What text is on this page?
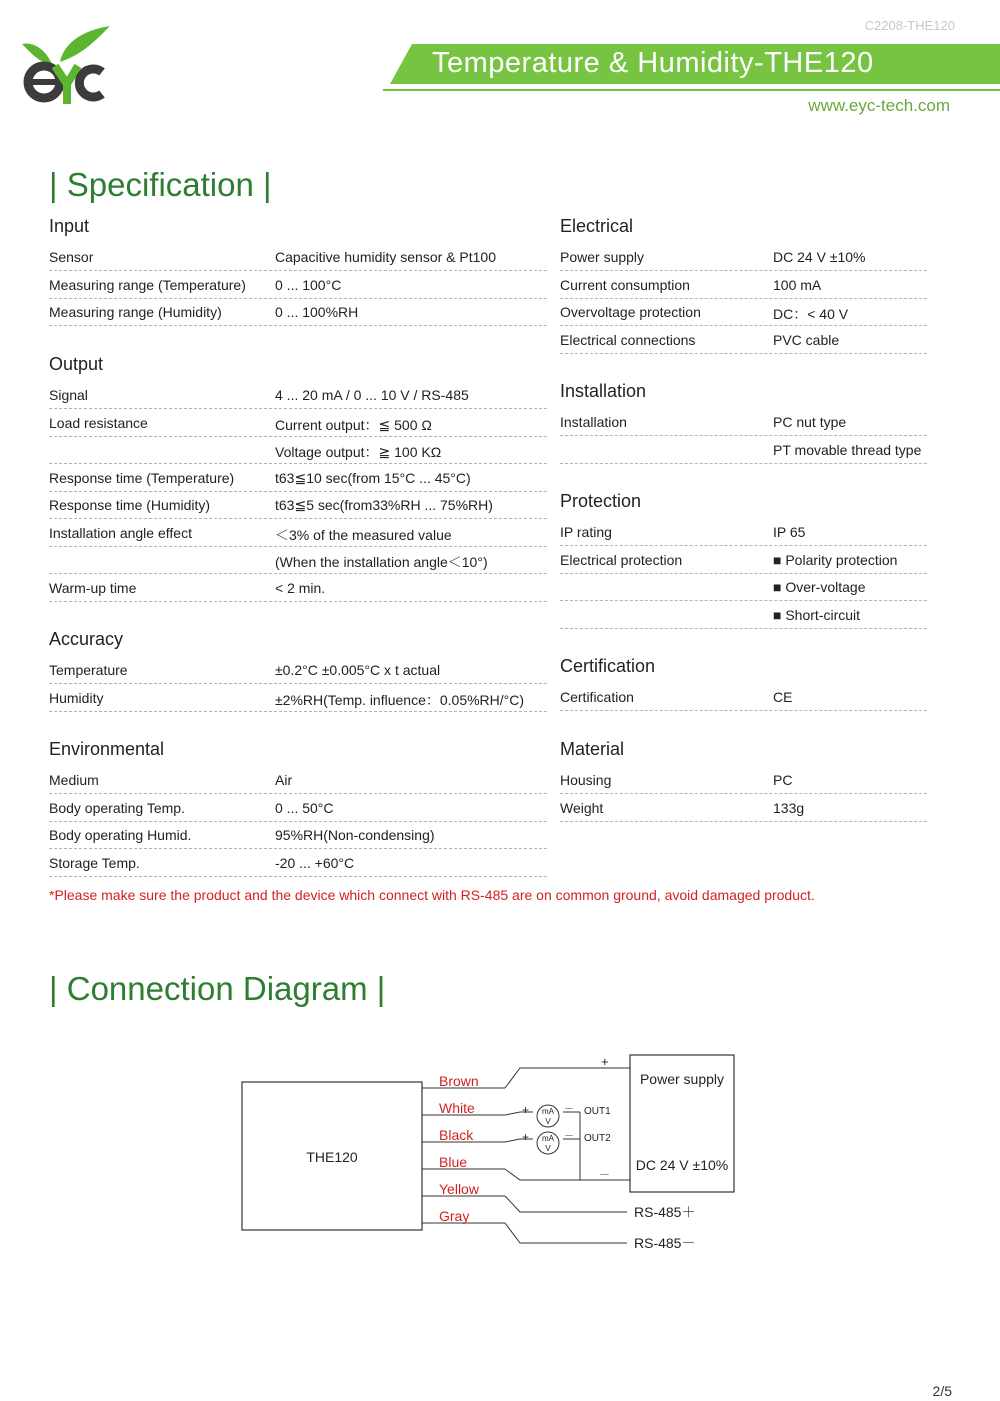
C2208-THE120
Temperature & Humidity-THE120
www.eyc-tech.com
| Specification |
Input
Sensor	Capacitive humidity sensor & Pt100
Measuring range (Temperature) 0 ... 100°C
Measuring range (Humidity)	0 ... 100%RH
Output
Signal	4 ... 20 mA / 0 ... 10 V / RS-485
Load resistance	Current output：≦ 500 Ω
Voltage output：≧ 100 KΩ
Response time (Temperature)	t63≦10 sec(from 15°C ... 45°C)
Response time (Humidity)	t63≦5 sec(from33%RH ... 75%RH)
Installation angle effect	＜3% of the measured value
(When the installation angle＜10°)
Warm-up time	< 2 min.
Accuracy
Temperature	±0.2°C ±0.005°C x t actual
Humidity	±2%RH(Temp. influence：0.05%RH/°C)
Environmental
Medium	Air
Body operating Temp.	0 ... 50°C
Body operating Humid.	95%RH(Non-condensing)
Storage Temp.	-20 ... +60°C
Electrical
Power supply	DC 24 V ±10%
Current consumption	100 mA
Overvoltage protection	DC：< 40 V
Electrical connections	PVC cable
Installation
Installation	PC nut type
PT movable thread type
Protection
IP rating	IP 65
Electrical protection	■ Polarity protection
■ Over-voltage
■ Short-circuit
Certification
Certification	CE
Material
Housing	PC
Weight	133g
*Please make sure the product and the device which connect with RS-485 are on common ground, avoid damaged product.
| Connection Diagram |
THE120
Brown
White
Black
Blue
Yellow
Gray
mA
V
mA
V
+	－
+	－
OUT1
OUT2
Power supply
DC 24 V ±10%
+
－
RS-485＋
RS-485－
2/5
